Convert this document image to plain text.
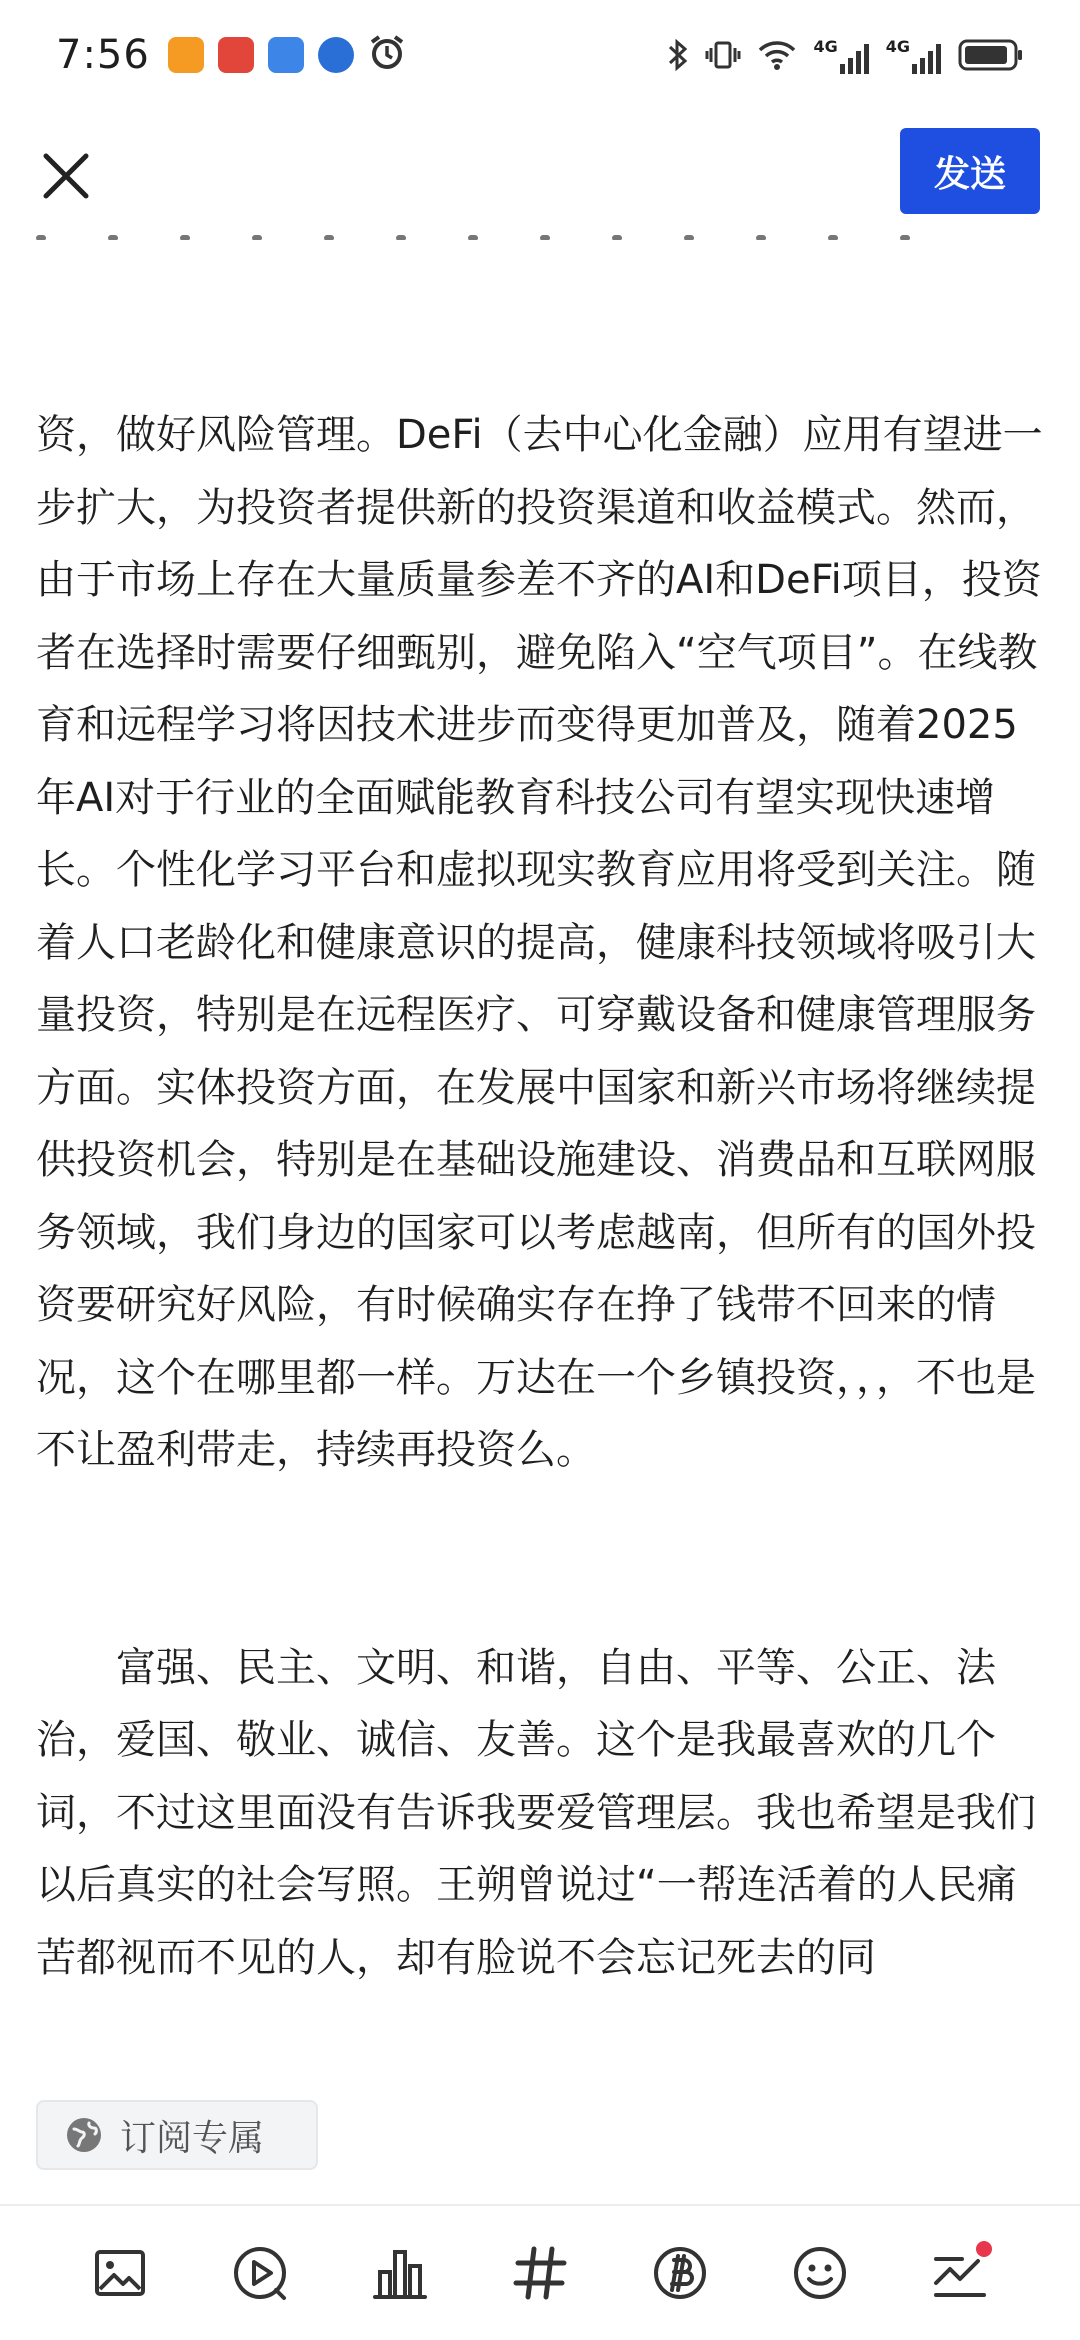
7:56	4G	4G
发送

资，做好风险管理。DeFi（去中心化金融）应用有望进一步扩大，为投资者提供新的投资渠道和收益模式。然而，由于市场上存在大量质量参差不齐的AI和DeFi项目，投资者在选择时需要仔细甄别，避免陷入“空气项目”。在线教育和远程学习将因技术进步而变得更加普及，随着2025年AI对于行业的全面赋能教育科技公司有望实现快速增长。个性化学习平台和虚拟现实教育应用将受到关注。随着人口老龄化和健康意识的提高，健康科技领域将吸引大量投资，特别是在远程医疗、可穿戴设备和健康管理服务方面。实体投资方面，在发展中国家和新兴市场将继续提供投资机会，特别是在基础设施建设、消费品和互联网服务领域，我们身边的国家可以考虑越南，但所有的国外投资要研究好风险，有时候确实存在挣了钱带不回来的情况，这个在哪里都一样。万达在一个乡镇投资，，，不也是不让盈利带走，持续再投资么。

富强、民主、文明、和谐，自由、平等、公正、法治，爱国、敬业、诚信、友善。这个是我最喜欢的几个词，不过这里面没有告诉我要爱管理层。我也希望是我们以后真实的社会写照。王朔曾说过“一帮连活着的人民痛苦都视而不见的人，却有脸说不会忘记死去的同

订阅专属
